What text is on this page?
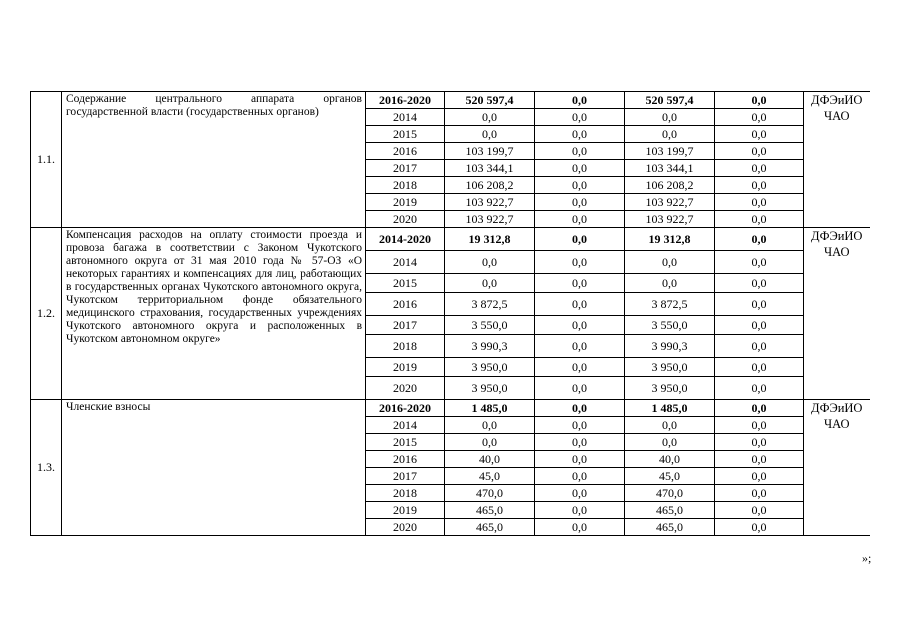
1.1.	Содержание центрального аппарата органов государственной власти (государственных органов)	2016-2020	520 597,4	0,0	520 597,4	0,0	ДФЭиИО
ЧАО

		2014	0,0	0,0	0,0	0,0	
		2015	0,0	0,0	0,0	0,0	
		2016	103 199,7	0,0	103 199,7	0,0	
		2017	103 344,1	0,0	103 344,1	0,0	
		2018	106 208,2	0,0	106 208,2	0,0	
		2019	103 922,7	0,0	103 922,7	0,0	
		2020	103 922,7	0,0	103 922,7	0,0	
1.2.	Компенсация расходов на оплату стоимости проезда и провоза багажа в соответствии с Законом Чукотского автономного округа от 31 мая 2010 года № 57-ОЗ «О некоторых гарантиях и компенсациях для лиц, работающих в государственных органах Чукотского автономного округа, Чукотском территориальном фонде обязательного медицинского страхования, государственных учреждениях Чукотского автономного округа и расположенных в Чукотском автономном округе»	2014-2020	19 312,8	0,0	19 312,8	0,0	ДФЭиИО
ЧАО

		2014	0,0	0,0	0,0	0,0	
		2015	0,0	0,0	0,0	0,0	
		2016	3 872,5	0,0	3 872,5	0,0	
		2017	3 550,0	0,0	3 550,0	0,0	
		2018	3 990,3	0,0	3 990,3	0,0	
		2019	3 950,0	0,0	3 950,0	0,0	
		2020	3 950,0	0,0	3 950,0	0,0	
1.3.	Членские взносы	2016-2020	1 485,0	0,0	1 485,0	0,0	ДФЭиИО
ЧАО

		2014	0,0	0,0	0,0	0,0	
		2015	0,0	0,0	0,0	0,0	
		2016	40,0	0,0	40,0	0,0	
		2017	45,0	0,0	45,0	0,0	
		2018	470,0	0,0	470,0	0,0	
		2019	465,0	0,0	465,0	0,0	
		2020	465,0	0,0	465,0	0,0	
»;
